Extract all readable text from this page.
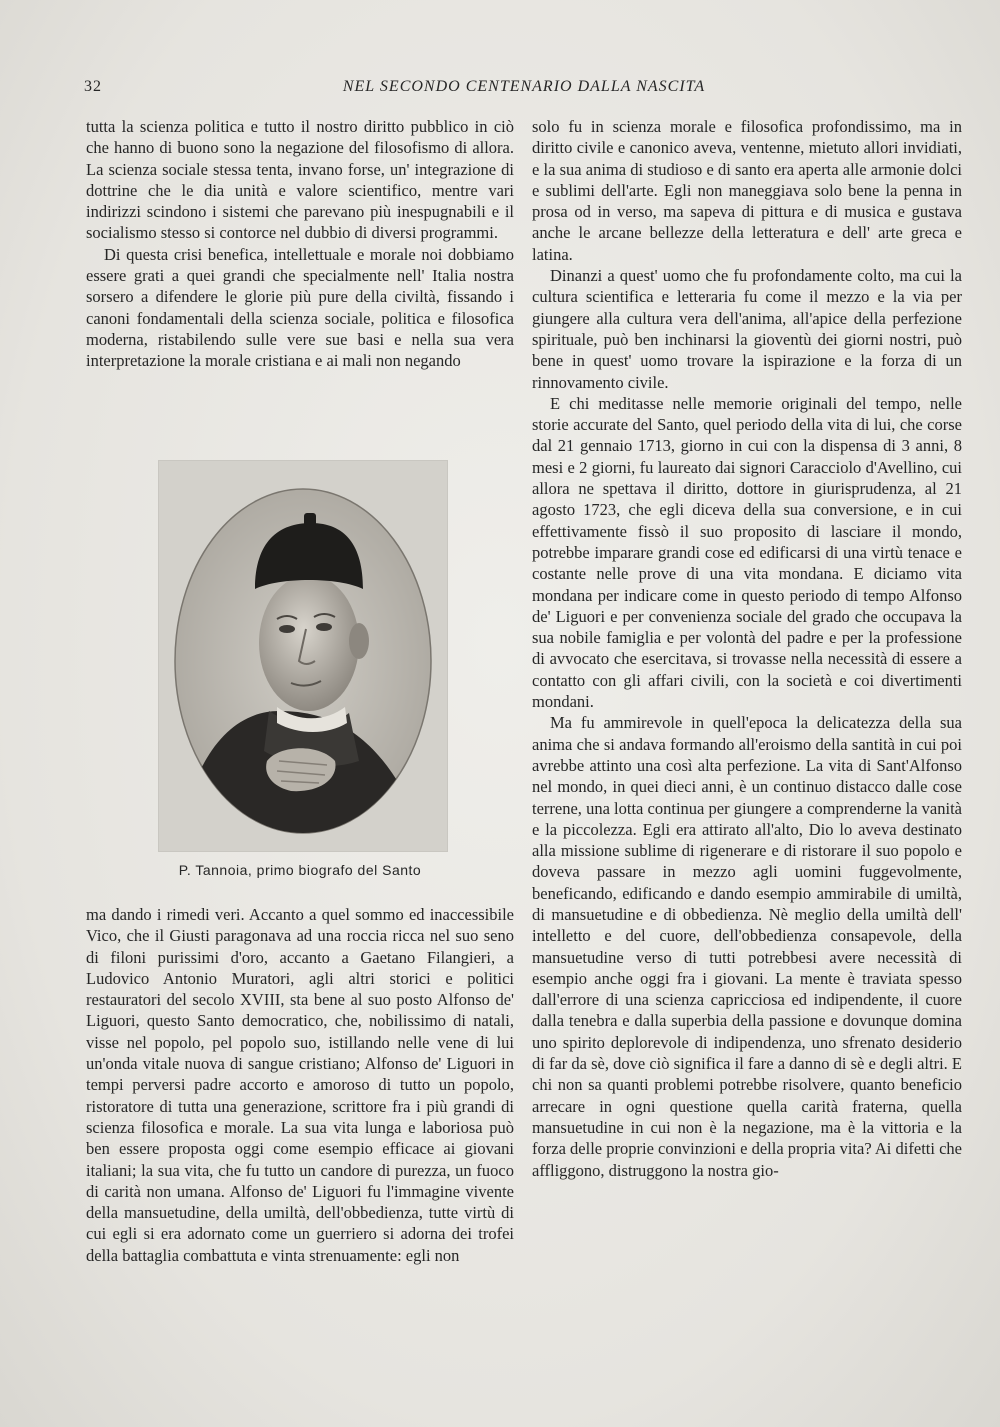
32	NEL SECONDO CENTENARIO DALLA NASCITA

tutta la scienza politica e tutto il nostro diritto pubblico in ciò che hanno di buono sono la negazione del filosofismo di allora. La scienza sociale stessa tenta, invano forse, un' integrazione di dottrine che le dia unità e valore scientifico, mentre vari indirizzi scindono i sistemi che parevano più inespugnabili e il socialismo stesso si contorce nel dubbio di diversi programmi.

Di questa crisi benefica, intellettuale e morale noi dobbiamo essere grati a quei grandi che specialmente nell' Italia nostra sorsero a difendere le glorie più pure della civiltà, fissando i canoni fondamentali della scienza sociale, politica e filosofica moderna, ristabilendo sulle vere sue basi e nella sua vera interpretazione la morale cristiana e ai mali non negando

P. Tannoia, primo biografo del Santo

ma dando i rimedi veri. Accanto a quel sommo ed inaccessibile Vico, che il Giusti paragonava ad una roccia ricca nel suo seno di filoni purissimi d'oro, accanto a Gaetano Filangieri, a Ludovico Antonio Muratori, agli altri storici e politici restauratori del secolo XVIII, sta bene al suo posto Alfonso de' Liguori, questo Santo democratico, che, nobilissimo di natali, visse nel popolo, pel popolo suo, istillando nelle vene di lui un'onda vitale nuova di sangue cristiano; Alfonso de' Liguori in tempi perversi padre accorto e amoroso di tutto un popolo, ristoratore di tutta una generazione, scrittore fra i più grandi di scienza filosofica e morale. La sua vita lunga e laboriosa può ben essere proposta oggi come esempio efficace ai giovani italiani; la sua vita, che fu tutto un candore di purezza, un fuoco di carità non umana. Alfonso de' Liguori fu l'immagine vivente della mansuetudine, della umiltà, dell'obbedienza, tutte virtù di cui egli si era adornato come un guerriero si adorna dei trofei della battaglia combattuta e vinta strenuamente: egli non

solo fu in scienza morale e filosofica profondissimo, ma in diritto civile e canonico aveva, ventenne, mietuto allori invidiati, e la sua anima di studioso e di santo era aperta alle armonie dolci e sublimi dell'arte. Egli non maneggiava solo bene la penna in prosa od in verso, ma sapeva di pittura e di musica e gustava anche le arcane bellezze della letteratura e dell' arte greca e latina.

Dinanzi a quest' uomo che fu profondamente colto, ma cui la cultura scientifica e letteraria fu come il mezzo e la via per giungere alla cultura vera dell'anima, all'apice della perfezione spirituale, può ben inchinarsi la gioventù dei giorni nostri, può bene in quest' uomo trovare la ispirazione e la forza di un rinnovamento civile.

E chi meditasse nelle memorie originali del tempo, nelle storie accurate del Santo, quel periodo della vita di lui, che corse dal 21 gennaio 1713, giorno in cui con la dispensa di 3 anni, 8 mesi e 2 giorni, fu laureato dai signori Caracciolo d'Avellino, cui allora ne spettava il diritto, dottore in giurisprudenza, al 21 agosto 1723, che egli diceva della sua conversione, e in cui effettivamente fissò il suo proposito di lasciare il mondo, potrebbe imparare grandi cose ed edificarsi di una virtù tenace e costante nelle prove di una vita mondana. E diciamo vita mondana per indicare come in questo periodo di tempo Alfonso de' Liguori e per convenienza sociale del grado che occupava la sua nobile famiglia e per volontà del padre e per la professione di avvocato che esercitava, si trovasse nella necessità di essere a contatto con gli affari civili, con la società e coi divertimenti mondani.

Ma fu ammirevole in quell'epoca la delicatezza della sua anima che si andava formando all'eroismo della santità in cui poi avrebbe attinto una così alta perfezione. La vita di Sant'Alfonso nel mondo, in quei dieci anni, è un continuo distacco dalle cose terrene, una lotta continua per giungere a comprenderne la vanità e la piccolezza. Egli era attirato all'alto, Dio lo aveva destinato alla missione sublime di rigenerare e di ristorare il suo popolo e doveva passare in mezzo agli uomini fuggevolmente, beneficando, edificando e dando esempio ammirabile di umiltà, di mansuetudine e di obbedienza. Nè meglio della umiltà dell' intelletto e del cuore, dell'obbedienza consapevole, della mansuetudine verso di tutti potrebbesi avere necessità di esempio anche oggi fra i giovani. La mente è traviata spesso dall'errore di una scienza capricciosa ed indipendente, il cuore dalla tenebra e dalla superbia della passione e dovunque domina uno spirito deplorevole di indipendenza, uno sfrenato desiderio di far da sè, dove ciò significa il fare a danno di sè e degli altri. E chi non sa quanti problemi potrebbe risolvere, quanto beneficio arrecare in ogni questione quella carità fraterna, quella mansuetudine in cui non è la negazione, ma è la vittoria e la forza delle proprie convinzioni e della propria vita? Ai difetti che affliggono, distruggono la nostra gio-
